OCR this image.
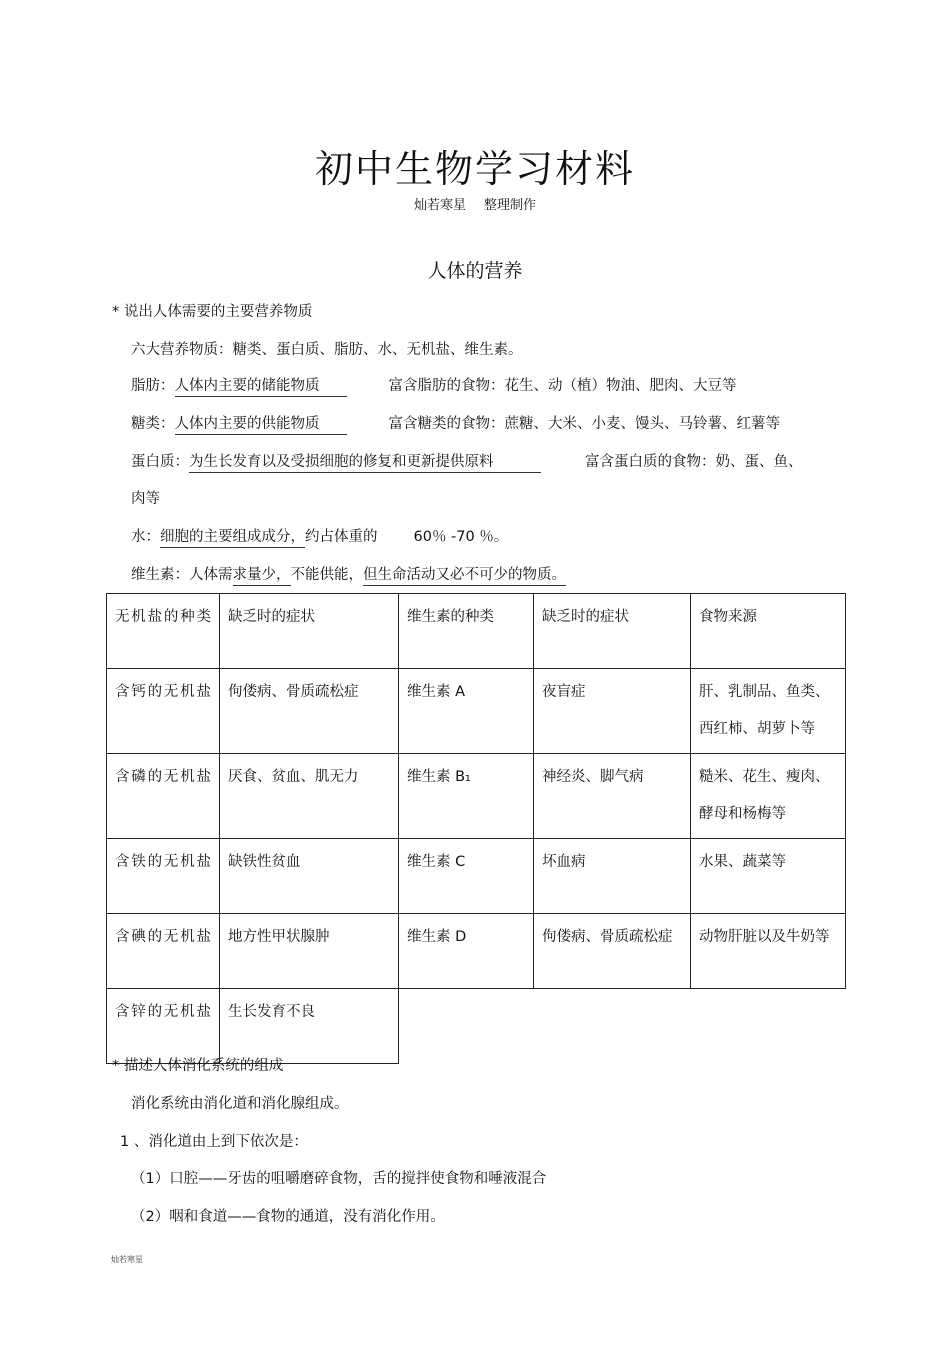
初中生物学习材料
灿若寒星 整理制作
人体的营养
* 说出人体需要的主要营养物质
六大营养物质：糖类、蛋白质、脂肪、水、无机盐、维生素。
脂肪：人体内主要的储能物质	富含脂肪的食物：花生、动（植）物油、肥肉、大豆等
糖类：人体内主要的供能物质	富含糖类的食物：蔗糖、大米、小麦、馒头、马铃薯、红薯等
蛋白质：为生长发育以及受损细胞的修复和更新提供原料	富含蛋白质的食物：奶、蛋、鱼、
肉等
水：细胞的主要组成成分，约占体重的 60％ -70 ％。
维生素：人体需求量少，不能供能，但生命活动又必不可少的物质。
无机盐的种类	缺乏时的症状	维生素的种类	缺乏时的症状	食物来源
含钙的无机盐	佝偻病、骨质疏松症	维生素 A	夜盲症	肝、乳制品、鱼类、西红柿、胡萝卜等
含磷的无机盐	厌食、贫血、肌无力	维生素 B₁	神经炎、脚气病	糙米、花生、瘦肉、酵母和杨梅等
含铁的无机盐	缺铁性贫血	维生素 C	坏血病	水果、蔬菜等
含碘的无机盐	地方性甲状腺肿	维生素 D	佝偻病、骨质疏松症	动物肝脏以及牛奶等
含锌的无机盐	生长发育不良			
* 描述人体消化系统的组成
消化系统由消化道和消化腺组成。
1 、消化道由上到下依次是：
（1）口腔——牙齿的咀嚼磨碎食物，舌的搅拌使食物和唾液混合
（2）咽和食道——食物的通道，没有消化作用。
灿若寒星
